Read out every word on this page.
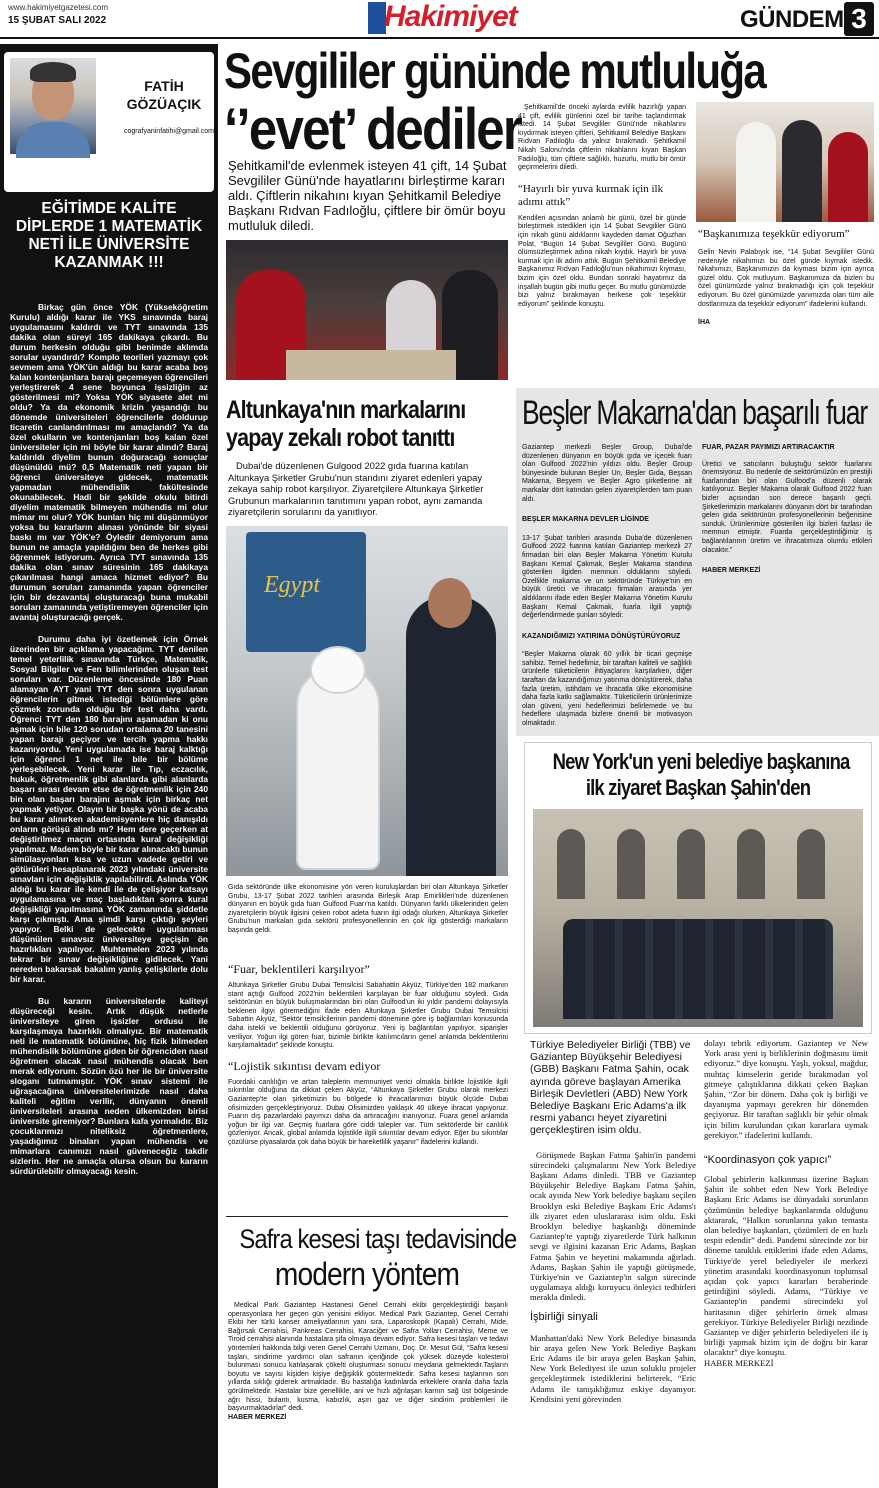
www.hakimiyetgazetesi.com
15 ŞUBAT SALI 2022	Hakimiyet	GÜNDEM 3
FATİH
GÖZÜAÇIK
cografyaninfatihi@gmail.com
EĞİTİMDE KALİTE DİPLERDE 1 MATEMATİK NETİ İLE ÜNİVERSİTE KAZANMAK !!!

Birkaç gün önce YÖK (Yükseköğretim Kurulu) aldığı karar ile YKS sınavında baraj uygulamasını kaldırdı ve TYT sınavında 135 dakika olan süreyi 165 dakikaya çıkardı. Bu durum herkesin olduğu gibi benimde aklımda sorular uyandırdı? Komplo teorileri yazmayı çok sevmem ama YÖK'ün aldığı bu karar acaba boş kalan kontenjanlara barajı geçemeyen öğrencileri yerleştirerek 4 sene boyunca işsizliğin az gösterilmesi mi? Yoksa YÖK siyasete alet mi oldu? Ya da ekonomik krizin yaşandığı bu dönemde üniversiteleri öğrencilerle doldurup ticaretin canlandırılması mı amaçlandı? Ya da özel okulların ve kontenjanları boş kalan özel üniversiteler için mi böyle bir karar alındı? Baraj kaldırıldı diyelim bunun doğuracağı sonuçlar düşünüldü mü? 0,5 Matematik neti yapan bir öğrenci üniversiteye gidecek, matematik yapmadan mühendislik fakültesinde okunabilecek. Hadi bir şekilde okulu bitirdi diyelim matematik bilmeyen mühendis mi olur mimar mı olur? YÖK bunları hiç mi düşünmüyor yoksa bu kararların alınası yönünde bir siyasi baskı mı var YÖK'e? Öyledir demiyorum ama bunun ne amaçla yapıldığını ben de herkes gibi öğrenmek istiyorum. Ayrıca TYT sınavında 135 dakika olan sınav süresinin 165 dakikaya çıkarılması hangi amaca hizmet ediyor? Bu durumun soruları zamanında yapan öğrenciler için bir dezavantaj oluşturacağı buna mukabil soruları zamanında yetiştiremeyen öğrenciler için avantaj oluşturacağı gerçek.

Durumu daha iyi özetlemek için Örnek üzerinden bir açıklama yapacağım. TYT denilen temel yeterlilik sınavında Türkçe, Matematik, Sosyal Bilgiler ve Fen bilimlerinden oluşan test soruları var. Düzenleme öncesinde 180 Puan alamayan AYT yani TYT den sonra uygulanan öğrencilerin gitmek istediği bölümlere göre çözmek zorunda olduğu bir test daha vardı. Öğrenci TYT den 180 barajını aşamadan ki onu aşmak için bile 120 sorudan ortalama 20 tanesini yapan barajı geçiyor ve tercih yapma hakkı kazanıyordu. Yeni uygulamada ise baraj kalktığı için öğrenci 1 net ile bile bir bölüme yerleşebilecek. Yeni karar ile Tıp, eczacılık, hukuk, öğretmenlik gibi alanlarda gibi alanlarda başarı sırası devam etse de öğretmenlik için 240 bin olan başarı barajını aşmak için birkaç net yapmak yetiyor. Olayın bir başka yönü de acaba bu karar alınırken akademisyenlere hiç danışıldı onların görüşü alındı mı? Hem dere geçerken at değiştirilmez maçın ortasında kural değişikliği yapılmaz. Madem böyle bir karar alınacaktı bunun simülasyonları kısa ve uzun vadede getiri ve götürüleri hesaplanarak 2023 yılındaki üniversite sınavları için değişiklik yapılabilirdi. Aslında YÖK aldığı bu karar ile kendi ile de çelişiyor katsayı uygulamasına ve maç başladıktan sonra kural değişikliği yapılmasına YÖK zamanında şiddetle karşı çıkmıştı. Ama şimdi karşı çıktığı şeyleri yapıyor. Belki de gelecekte uygulanması düşünülen sınavsız üniversiteye geçişin ön hazırlıkları yapılıyor. Muhtemelen 2023 yılında tekrar bir sınav değişikliğine gidilecek. Yani nereden bakarsak bakalım yanlış çelişkilerle dolu bir karar.

Bu kararın üniversitelerde kaliteyi düşüreceği kesin. Artık düşük netlerle üniversiteye giren işsizler ordusu ile karşılaşmaya hazırlıklı olmalıyız. Bir matematik neti ile matematik bölümüne, hiç fizik bilmeden mühendislik bölümüne giden bir öğrenciden nasıl öğretmen olacak nasıl mühendis olacak ben merak ediyorum. Sözün özü her ile bir üniversite sloganı tutmamıştır. YÖK sınav sistemi ile uğraşacağına üniversitelerimizde nasıl daha kaliteli eğitim verilir, dünyanın önemli üniversiteleri arasına neden ülkemizden birisi üniversite giremiyor? Bunlara kafa yormalıdır. Biz çocuklarımızı niteliksiz öğretmenlere, yaşadığımız binaları yapan mühendis ve mimarlara canımızı nasıl güveneceğiz takdir sizlerin. Her ne amaçla olursa olsun bu kararın sürdürülebilir olmayacağı kesin.

Sevgililer gününde mutluluğa
‘’evet’ dediler
Şehitkamil'de evlenmek isteyen 41 çift, 14 Şubat Sevgililer Günü'nde hayatlarını birleştirme kararı aldı. Çiftlerin nikahını kıyan Şehitkamil Belediye Başkanı Rıdvan Fadıloğlu, çiftlere bir ömür boyu mutluluk diledi.

Şehitkamil'de önceki aylarda evlilik hazırlığı yapan 41 çift, evlilik günlerini özel bir tarihe taçlandırmak istedi. 14 Şubat Sevgililer Günü'nde nikahlarını kıydırmak isteyen çiftleri, Şehitkamil Belediye Başkanı Rıdvan Fadıloğlu da yalnız bırakmadı. Şehitkamil Nikah Salonu'nda çiftlerin nikahlarını kıyan Başkan Fadıloğlu, tüm çiftlere sağlıklı, huzurlu, mutlu bir ömür geçirmelerini diledi.

“Hayırlı bir yuva kurmak için ilk adımı attık”

Kendileri açısından anlamlı bir günü, özel bir günde birleştirmek istedikleri için 14 Şubat Sevgililer Günü için nikah günü aldıklarını kaydeden damat Oğuzhan Polat, “Bugün 14 Şubat Sevgililer Günü. Bugünü ölümsüzleştirmek adına nikah kıydık. Hayırlı bir yuva kurmak için ilk adımı attık. Bugün Şehitkamil Belediye Başkanımız Rıdvan Fadıloğlu'nun nikahımızı kıyması, bizim için özel oldu. Bundan sonraki hayatımız da inşallah bugün gibi mutlu geçer. Bu mutlu günümüzde bizi yalnız bırakmayan herkese çok teşekkür ediyorum” şeklinde konuştu.

“Başkanımıza teşekkür ediyorum”

Gelin Nevin Palabıyık ise, “14 Şubat Sevgililer Günü nedeniyle nikahımızı bu özel günde kıymak istedik. Nikahımızı, Başkanımızın da kıyması bizim için ayrıca güzel oldu. Çok mutluyum. Başkanımıza da bizleri bu özel günümüzde yalnız bırakmadığı için çok teşekkür ediyorum. Bu özel günümüzde yanımızda olan tüm aile dostlarımıza da teşekkür ediyorum” ifadelerini kullandı.

İHA

Altunkaya'nın markalarını
yapay zekalı robot tanıttı
Dubai'de düzenlenen Gulgood 2022 gıda fuarına katılan Altunkaya Şirketler Grubu'nun standını ziyaret edenleri yapay zekaya sahip robot karşılıyor. Ziyaretçilere Altunkaya Şirketler Grubunun markalarının tanıtımını yapan robot, aynı zamanda ziyaretçilerin sorularını da yanıtlıyor.
Egypt

Gıda sektöründe ülke ekonomisine yön veren kuruluşlardan biri olan Altunkaya Şirketler Grubu, 13-17 Şubat 2022 tarihleri arasında Birleşik Arap Emirlikleri'nde düzenlenen dünyanın en büyük gıda fuarı Gulfood Fuarı'na katıldı. Dünyanın farklı ülkelerinden gelen ziyaretçilerin büyük ilgisini çeken robot adeta fuarın ilgi odağı olurken, Altunkaya Şirketler Grubu'nun markaları gıda sektörü profesyonellerinin en çok ilgi gösterdiği markaların başında geldi.

“Fuar, beklentileri karşılıyor”

Altunkaya Şirketler Grubu Dubai Temsilcisi Sabahattin Akyüz, Türkiye'den 182 markanın stant açtığı Gulfood 2022'nin beklentileri karşılayan bir fuar olduğunu söyledi. Gıda sektörünün en büyük buluşmalarından biri olan Gulfood'un iki yıldır pandemi dolayısıyla beklenen ilgiyi göremediğini ifade eden Altunkaya Şirketler Grubu Dubai Temsilcisi Sabattin Akyüz, “Sektör temsilcilerinin pandemi dönemine göre iş bağlantıları konusunda daha istekli ve beklentili olduğunu görüyoruz. Yeni iş bağlantıları yapılıyor, siparişler veriliyor. Yoğun ilgi gören fuar, bizimle birlikte katılımcıların genel anlamda beklentilerini karşılamaktadır” şeklinde konuştu.

“Lojistik sıkıntısı devam ediyor

Fuordaki canlılığın ve artan taleplerin memnuniyet verici olmakla birlikte lojistikle ilgili sıkıntılar olduğuna da dikkat çeken Akyüz, “Altunkaya Şirketler Grubu olarak merkezi Gaziantep'te olan şirketimizin bu bölgede ki ihracatlarımızı büyük ölçüde Dubai ofisimizden gerçekleştiriyoruz. Dubai Ofisimizden yaklaşık 40 ülkeye ihracat yapıyoruz. Fuarın dış pazarlardaki payımızı daha da artıracağını inanıyoruz. Fuara genel anlamda yoğun bir ilgi var. Geçmiş fuarlara göre ciddi talepler var. Tüm sektörlerde bir canlılık gözleniyor. Ancak, global anlamda lojistikle ilgili sıkıntılar devam ediyor. Eğer bu sıkıntılar çözülürse piyasalarda çok daha büyük bir hareketlilik yaşanır” ifadelerini kullandı.

Safra kesesi taşı tedavisinde
modern yöntem

Medical Park Gaziantep Hastanesi Genel Cerrahi ekibi gerçekleştirdiği başarılı operasyonlara her geçen gün yenisini ekliyor. Medical Park Gaziantep, Genel Cerrahi Ekibi her türlü kanser ameliyatlarının yanı sıra, Laparoskopik (Kapalı) Cerrahi, Mide, Bağırsak Cerrahisi, Pankreas Cerrahisi, Karaciğer ve Safra Yolları Cerrahisi, Meme ve Tiroid cerrahisi alanında hastalara şifa olmaya devam ediyor. Safra kesesi taşları ve tedavi yöntemleri hakkında bilgi veren Genel Cerrahi Uzmanı, Doç. Dr. Mesut Gül, “Safra kesesi taşları, sindirime yardımcı olan safranın içeriğinde çok yüksek düzeyde kolesterol bulunması sonucu katılaşarak çökelti oluşturması sonucu meydana gelmektedir.Taşların boyutu ve sayısı kişiden kişiye değişiklik göstermektedir. Safra kesesi taşlarının son yıllarda sıklığı giderek artmaktadır. Bu hastalığa kadınlarda erkeklere oranla daha fazla görülmektedir. Hastalar bize genellikle, ani ve hızlı ağrılaşan karnın sağ üst bölgesinde ağrı hissi, bulantı, kusma, kabızlık, aşırı gaz ve diğer sindirim problemleri ile başvurmaktadırlar” dedi.

HABER MERKEZİ

Beşler Makarna'dan başarılı fuar

Gaziantep merkezli Beşler Group, Dubai'de düzenlenen dünyanın en büyük gıda ve içecek fuarı olan Gulfood 2022'nin yıldızı oldu. Beşler Group bünyesinde bulunan Beşler Un, Beşler Gıda, Beşsan Makarna, Beşyem ve Beşler Agro şirketlerine ait markalar dört katından gelen ziyaretçilerden tam puan aldı.

BEŞLER MAKARNA DEVLER LİGİNDE

13-17 Şubat tarihleri arasında Duba'de düzenlenen Gulfood 2022 fuarına katılan Gaziantep merkezli 27 firmadan biri olan Beşler Makarna Yönetim Kurulu Başkanı Kemal Çakmak, Beşler Makarna standına gösterilen ilgiden memnun olduklarını söyledi. Özellikle makarna ve un sektöründe Türkiye'nin en büyük üretici ve ihracatçı firmaları arasında yer aldıklarını ifade eden Beşler Makarna Yönetim Kurulu Başkanı Kemal Çakmak, fuarla ilgili yaptığı değerlendirmede şunları söyledi:

KAZANDIĞIMIZI YATIRIMA DÖNÜŞTÜRÜYORUZ

“Beşler Makarna olarak 60 yıllık bir ticari geçmişe sahibiz. Temel hedefimiz, bir taraftan kaliteli ve sağlıklı ürünlerle tüketicilerin ihtiyaçlarını karşılarken, diğer taraftan da kazandığımızı yatırıma dönüştürerek, daha fazla üretim, istihdam ve ihracatla ülke ekonomisine daha fazla katkı sağlamaktır. Tüketicilerin ürünlerimize olan güveni, yeni hedeflerimizi belirlemede ve bu hedeflere ulaşmada bizlere önemli bir motivasyon olmaktadır.

FUAR, PAZAR PAYIMIZI ARTIRACAKTIR

Üretici ve satıcıların buluştuğu sektör fuarlarını önemsiyoruz. Bu nedenle de sektörümüzün en prestijli fuarlarından biri olan Gulfood'a düzenli olarak katılıyoruz. Beşler Makarna olarak Gulfood 2022 fuarı bizler açısından son derece başarılı geçti. Şirketlerimizin markalarını dünyanın dört bir tarafından gelen gıda sektörünün profesyonellerinin beğenisine sunduk. Ürünlerimize gösterilen ilgi bizleri fazlası ile memnun etmiştir. Fuarda gerçekleştirdiğimiz iş bağlantılarının üretim ve ihracatımıza olumlu etkileri olacaktır.”

HABER MERKEZİ

New York'un yeni belediye başkanına
ilk ziyaret Başkan Şahin'den

Türkiye Belediyeler Birliği (TBB) ve Gaziantep Büyükşehir Belediyesi (GBB) Başkanı Fatma Şahin, ocak ayında göreve başlayan Amerika Birleşik Devletleri (ABD) New York Belediye Başkanı Eric Adams'a ilk resmi yabancı heyet ziyaretini gerçekleştiren isim oldu.

Görüşmede Başkan Fatma Şahin'in pandemi sürecindeki çalışmalarını New York Belediye Başkanı Adams dinledi. TBB ve Gaziantep Büyükşehir Belediye Başkanı Fatma Şahin, ocak ayında New York belediye başkanı seçilen Brooklyn eski Belediye Başkanı Eric Adams'ı ilk ziyaret eden uluslararası isim oldu. Eski Brooklyn belediye başkanlığı döneminde Gaziantep'te yaptığı ziyaretlerde Türk halkının sevgi ve ilgisini kazanan Eric Adams, Başkan Fatma Şahin ve heyetini makamında ağırladı. Adams, Başkan Şahin ile yaptığı görüşmede, Türkiye'nin ve Gaziantep'in salgın sürecinde uygulamaya aldığı koruyucu önleyici tedbirleri merakla dinledi.

İşbirliği sinyali

Manhattan'daki New York Belediye binasında bir araya gelen New York Belediye Başkanı Eric Adams ile bir araya gelen Başkan Şahin, New York Belediyesi ile uzun soluklu projeler gerçekleştirmek istediklerini belirterek, “Eric Adams ile tanışıklığımız eskiye dayanıyor. Kendisini yeni görevinden

dolayı tebrik ediyorum. Gaziantep ve New York arası yeni iş birliklerinin doğmasını ümit ediyoruz.” diye konuştu. Yaşlı, yoksul, mağdur, muhtaç kimselerin geride bırakmadan yol gitmeye çalıştıklarına dikkati çeken Başkan Şahin, “Zor bir dönem. Daha çok iş birliği ve dayanışma yapmayı gerekren bir dönemden geçiyoruz. Bir taraftan sağlıklı bir şehir olmak için bilim kurulundan çıkan kararlara uymak gerekiyor.” ifadelerini kullandı.

“Koordinasyon çok yapıcı”

Global şehirlerin kalkınması üzerine Başkan Şahin ile sohbet eden New York Belediye Başkanı Eric Adams ise dünyadaki sorunların çözümünün belediye başkanlarında olduğunu aktararak, “Halkın sorunlarına yakın temasta olan belediye başkanları, çözümleri de en hızlı tespit edendir” dedi. Pandemi sürecinde zor bir döneme tanıklık ettiklerini ifade eden Adams, Türkiye'de yerel belediyeler ile merkezi yönetim arasındaki koordinasyonun toplumsal açıdan çok yapıcı kararları beraberinde getirdiğini söyledi. Adams, “Türkiye ve Gaziantep'in pandemi sürecindeki yol haritasının diğer şehirlerin örnek alması gerekiyor. Türkiye Belediyeler Birliği nezdinde Gaziantep ve diğer şehirlerin belediyeleri ile iş birliği yapmak bizim için de doğru bir karar olacaktır” diye konuştu.

HABER MERKEZİ
